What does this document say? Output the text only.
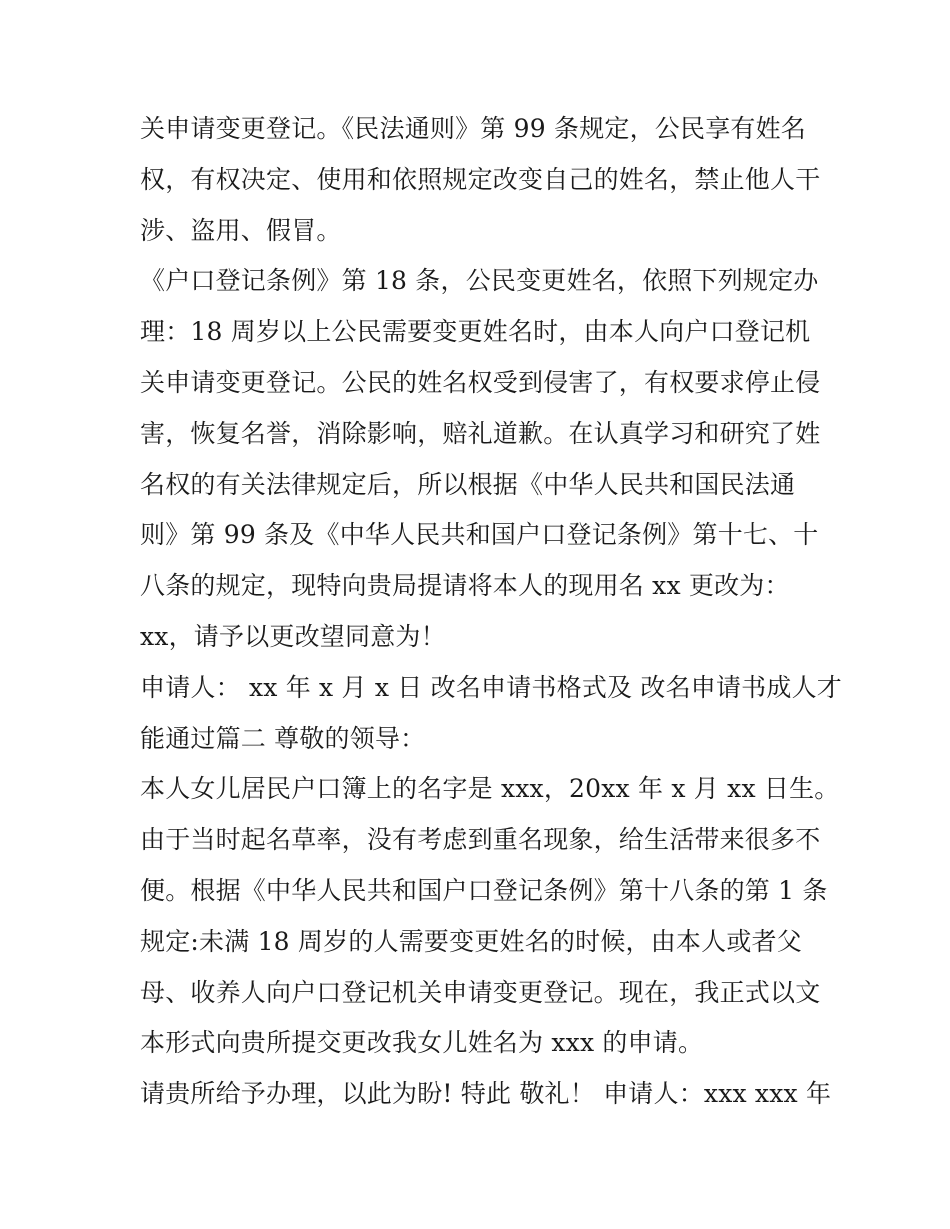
关申请变更登记。《民法通则》第 99 条规定，公民享有姓名
权，有权决定、使用和依照规定改变自己的姓名，禁止他人干
涉、盗用、假冒。
《户口登记条例》第 18 条，公民变更姓名，依照下列规定办
理：18 周岁以上公民需要变更姓名时，由本人向户口登记机
关申请变更登记。公民的姓名权受到侵害了，有权要求停止侵
害，恢复名誉，消除影响，赔礼道歉。在认真学习和研究了姓
名权的有关法律规定后，所以根据《中华人民共和国民法通
则》第 99 条及《中华人民共和国户口登记条例》第十七、十
八条的规定，现特向贵局提请将本人的现用名 xx 更改为：
xx，请予以更改望同意为！
申请人： xx 年 x 月 x 日 改名申请书格式及 改名申请书成人才
能通过篇二 尊敬的领导：
本人女儿居民户口簿上的名字是 xxx，20xx 年 x 月 xx 日生。
由于当时起名草率，没有考虑到重名现象，给生活带来很多不
便。根据《中华人民共和国户口登记条例》第十八条的第 1 条
规定:未满 18 周岁的人需要变更姓名的时候，由本人或者父
母、收养人向户口登记机关申请变更登记。现在，我正式以文
本形式向贵所提交更改我女儿姓名为 xxx 的申请。
请贵所给予办理，以此为盼! 特此 敬礼！ 申请人：xxx xxx 年
